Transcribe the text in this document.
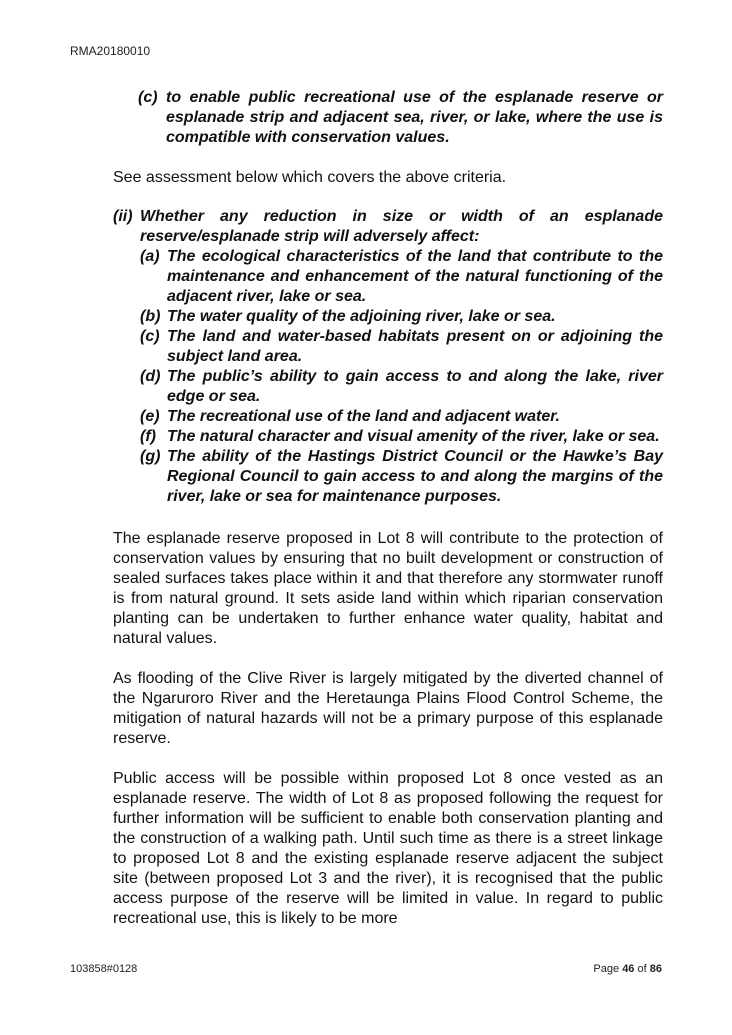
RMA20180010
(c) to enable public recreational use of the esplanade reserve or esplanade strip and adjacent sea, river, or lake, where the use is compatible with conservation values.

See assessment below which covers the above criteria.

(ii) Whether any reduction in size or width of an esplanade reserve/esplanade strip will adversely affect:
(a) The ecological characteristics of the land that contribute to the maintenance and enhancement of the natural functioning of the adjacent river, lake or sea.
(b) The water quality of the adjoining river, lake or sea.
(c) The land and water-based habitats present on or adjoining the subject land area.
(d) The public’s ability to gain access to and along the lake, river edge or sea.
(e) The recreational use of the land and adjacent water.
(f) The natural character and visual amenity of the river, lake or sea.
(g) The ability of the Hastings District Council or the Hawke’s Bay Regional Council to gain access to and along the margins of the river, lake or sea for maintenance purposes.

The esplanade reserve proposed in Lot 8 will contribute to the protection of conservation values by ensuring that no built development or construction of sealed surfaces takes place within it and that therefore any stormwater runoff is from natural ground. It sets aside land within which riparian conservation planting can be undertaken to further enhance water quality, habitat and natural values.

As flooding of the Clive River is largely mitigated by the diverted channel of the Ngaruroro River and the Heretaunga Plains Flood Control Scheme, the mitigation of natural hazards will not be a primary purpose of this esplanade reserve.

Public access will be possible within proposed Lot 8 once vested as an esplanade reserve. The width of Lot 8 as proposed following the request for further information will be sufficient to enable both conservation planting and the construction of a walking path. Until such time as there is a street linkage to proposed Lot 8 and the existing esplanade reserve adjacent the subject site (between proposed Lot 3 and the river), it is recognised that the public access purpose of the reserve will be limited in value. In regard to public recreational use, this is likely to be more

103858#0128	Page 46 of 86
